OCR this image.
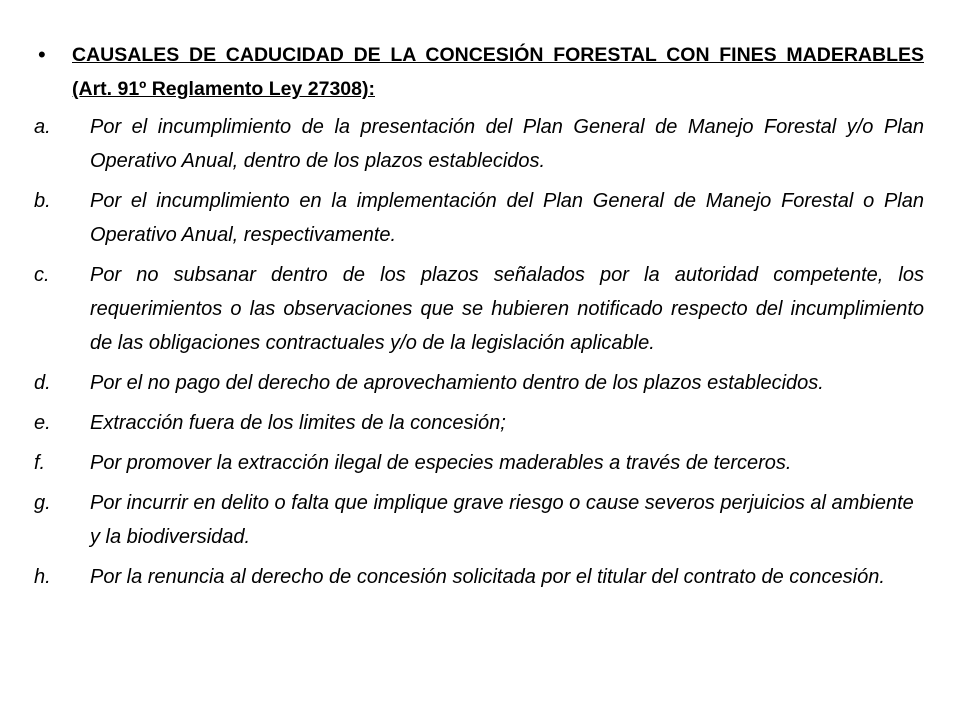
•	CAUSALES DE CADUCIDAD DE LA CONCESIÓN FORESTAL CON FINES MADERABLES (Art. 91º Reglamento Ley 27308):
a.	Por el incumplimiento de la presentación del Plan General de Manejo Forestal y/o Plan Operativo Anual, dentro de los plazos establecidos.
b.	Por el incumplimiento en la implementación del Plan General de Manejo Forestal o Plan Operativo Anual, respectivamente.
c.	Por no subsanar dentro de los plazos señalados por la autoridad competente, los requerimientos o las observaciones que se hubieren notificado respecto del incumplimiento de las obligaciones contractuales y/o de la legislación aplicable.
d.	Por el no pago del derecho de aprovechamiento dentro de los plazos establecidos.
e.	Extracción fuera de los limites de la concesión;
f.	Por promover la extracción ilegal de especies maderables a través de terceros.
g.	Por incurrir en delito o falta que implique grave riesgo o cause severos perjuicios al ambiente y la biodiversidad.
h.	Por la renuncia al derecho de concesión solicitada por el titular del contrato de concesión.
